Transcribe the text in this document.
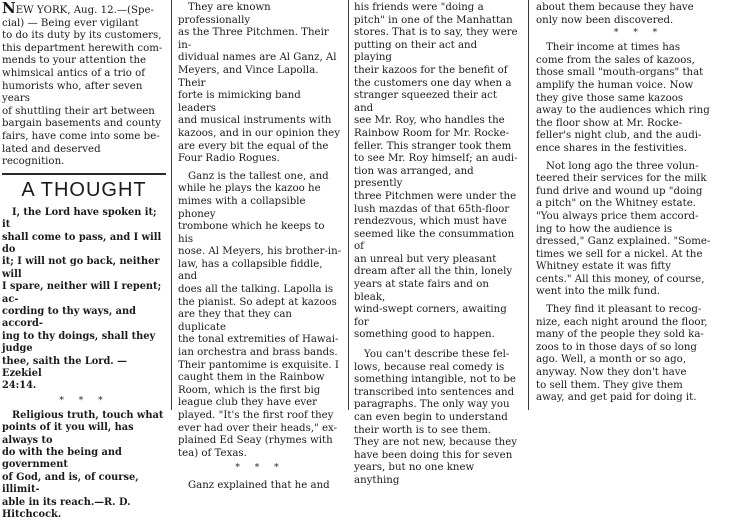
NEW YORK, Aug. 12.—(Spe-

cial) — Being ever vigilant

to do its duty by its customers,

this department herewith com-

mends to your attention the

whimsical antics of a trio of

humorists who, after seven years

of shuttling their art between

bargain basements and county

fairs, have come into some be-

lated and deserved recognition.

A THOUGHT

I, the Lord have spoken it; it

shall come to pass, and I will do

it; I will not go back, neither will

I spare, neither will I repent; ac-

cording to thy ways, and accord-

ing to thy doings, shall they judge

thee, saith the Lord. — Ezekiel

24:14.

* * *

Religious truth, touch what

points of it you will, has always to

do with the being and government

of God, and is, of course, illimit-

able in its reach.—R. D. Hitchcock.

They are known professionally

as the Three Pitchmen. Their in-

dividual names are Al Ganz, Al

Meyers, and Vince Lapolla. Their

forte is mimicking band leaders

and musical instruments with

kazoos, and in our opinion they

are every bit the equal of the

Four Radio Rogues.

Ganz is the tallest one, and

while he plays the kazoo he

mimes with a collapsible phoney

trombone which he keeps to his

nose. Al Meyers, his brother-in-

law, has a collapsible fiddle, and

does all the talking. Lapolla is

the pianist. So adept at kazoos

are they that they can duplicate

the tonal extremities of Hawai-

ian orchestra and brass bands.

Their pantomime is exquisite. I

caught them in the Rainbow

Room, which is the first big

league club they have ever

played. "It's the first roof they

ever had over their heads," ex-

plained Ed Seay (rhymes with

tea) of Texas.

* * *

Ganz explained that he and

his friends were "doing a

pitch" in one of the Manhattan

stores. That is to say, they were

putting on their act and playing

their kazoos for the benefit of

the customers one day when a

stranger squeezed their act and

see Mr. Roy, who handles the

Rainbow Room for Mr. Rocke-

feller. This stranger took them

to see Mr. Roy himself; an audi-

tion was arranged, and presently

three Pitchmen were under the

lush mazdas of that 65th-floor

rendezvous, which must have

seemed like the consummation of

an unreal but very pleasant

dream after all the thin, lonely

years at state fairs and on bleak,

wind-swept corners, awaiting for

something good to happen.

You can't describe these fel-

lows, because real comedy is

something intangible, not to be

transcribed into sentences and

paragraphs. The only way you

can even begin to understand

their worth is to see them.

They are not new, because they

have been doing this for seven

years, but no one knew anything

about them because they have

only now been discovered.

* * *

Their income at times has

come from the sales of kazoos,

those small "mouth-organs" that

amplify the human voice. Now

they give those same kazoos

away to the audiences which ring

the floor show at Mr. Rocke-

feller's night club, and the audi-

ence shares in the festivities.

Not long ago the three volun-

teered their services for the milk

fund drive and wound up "doing

a pitch" on the Whitney estate.

"You always price them accord-

ing to how the audience is

dressed," Ganz explained. "Some-

times we sell for a nickel. At the

Whitney estate it was fifty

cents." All this money, of course,

went into the milk fund.

They find it pleasant to recog-

nize, each night around the floor,

many of the people they sold ka-

zoos to in those days of so long

ago. Well, a month or so ago,

anyway. Now they don't have

to sell them. They give them

away, and get paid for doing it.
